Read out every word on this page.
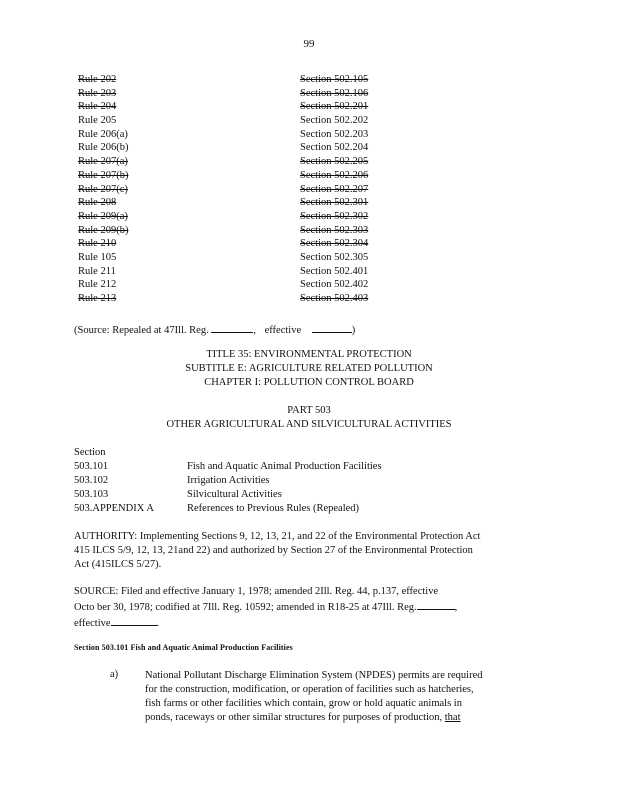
99
Rule 202	Section 502.105
Rule 203	Section 502.106
Rule 204	Section 502.201
Rule 205	Section 502.202
Rule 206(a)	Section 502.203
Rule 206(b)	Section 502.204
Rule 207(a)	Section 502.205
Rule 207(b)	Section 502.206
Rule 207(c)	Section 502.207
Rule 208	Section 502.301
Rule 209(a)	Section 502.302
Rule 209(b)	Section 502.303
Rule 210	Section 502.304
Rule 105	Section 502.305
Rule 211	Section 502.401
Rule 212	Section 502.402
Rule 213	Section 502.403
(Source: Repealed at 47Ill. Reg.	, effective	)
TITLE 35: ENVIRONMENTAL PROTECTION
SUBTITLE E: AGRICULTURE RELATED POLLUTION
CHAPTER I: POLLUTION CONTROL BOARD
PART 503
OTHER AGRICULTURAL AND SILVICULTURAL ACTIVITIES
Section
503.101	Fish and Aquatic Animal Production Facilities
503.102	Irrigation Activities
503.103	Silvicultural Activities
503.APPENDIX A	References to Previous Rules (Repealed)
AUTHORITY: Implementing Sections 9, 12, 13, 21, and 22 of the Environmental Protection Act
415 ILCS 5/9, 12, 13, 21and 22) and authorized by Section 27 of the Environmental Protection
Act (415ILCS 5/27).
SOURCE: Filed and effective January 1, 1978; amended 2Ill. Reg. 44, p.137, effective
Octo ber 30, 1978; codified at 7Ill. Reg. 10592; amended in R18-25 at 47Ill. Reg.	,
effective	.
Section 503.101 Fish and Aquatic Animal Production Facilities
a)	National Pollutant Discharge Elimination System (NPDES) permits are required
for the construction, modification, or operation of facilities such as hatcheries,
fish farms or other facilities which contain, grow or hold aquatic animals in
ponds, raceways or other similar structures for purposes of production, that
